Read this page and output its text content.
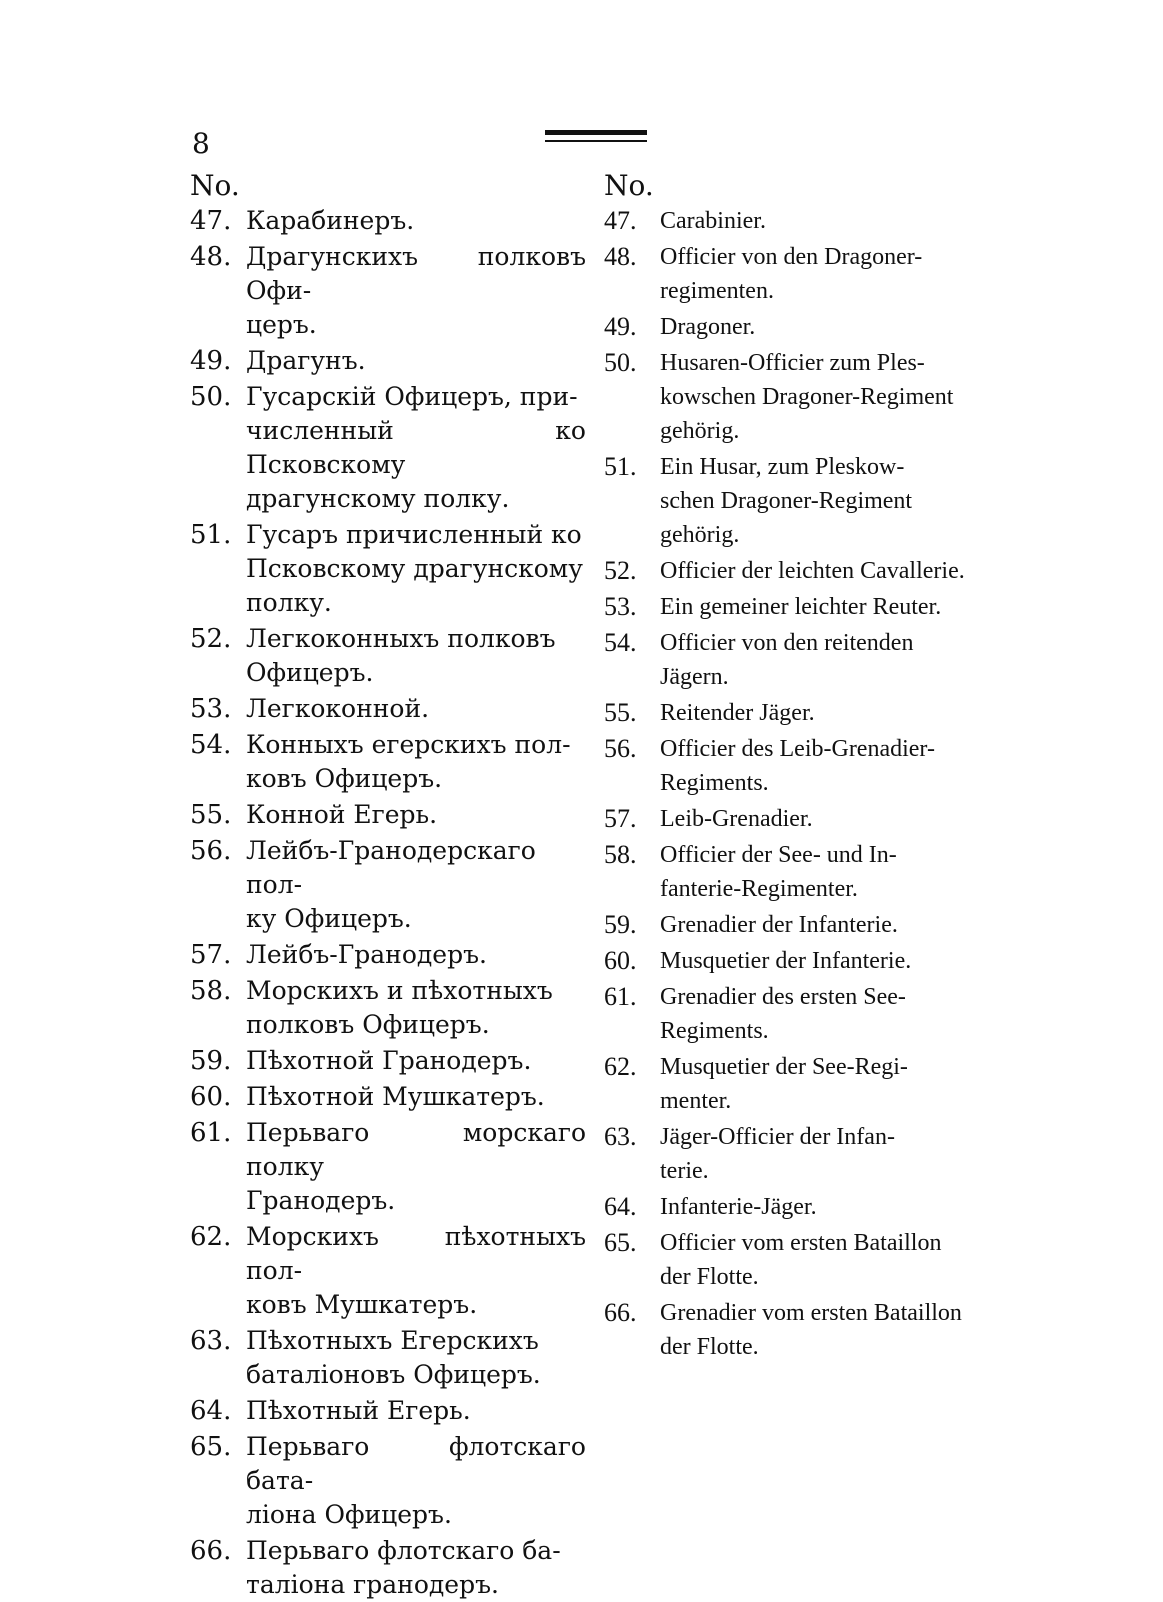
8
No.
47. Карабинеръ.
48. Драгунскихъ полковъ Офи-
церъ.
49. Драгунъ.
50. Гусарскій Офицеръ, при-
численный ко Псковскому
драгунскому полку.
51. Гусаръ причисленный ко
Псковскому драгунскому
полку.
52. Легкоконныхъ полковъ
Офицеръ.
53. Легкоконной.
54. Конныхъ егерскихъ пол-
ковъ Офицеръ.
55. Конной Егерь.
56. Лейбъ-Гранодерскаго пол-
ку Офицеръ.
57. Лейбъ-Гранодеръ.
58. Морскихъ и пѣхотныхъ
полковъ Офицеръ.
59. Пѣхотной Гранодеръ.
60. Пѣхотной Мушкатеръ.
61. Перьваго морскаго полку
Гранодеръ.
62. Морскихъ пѣхотныхъ пол-
ковъ Мушкатеръ.
63. Пѣхотныхъ Егерскихъ
баталіоновъ Офицеръ.
64. Пѣхотный Егерь.
65. Перьваго флотскаго бата-
ліона Офицеръ.
66. Перьваго флотскаго ба-
таліона гранодеръ.
No.
47. Carabinier.
48. Officier von den Dragoner-
regimenten.
49. Dragoner.
50. Husaren-Officier zum Ples-
kowschen Dragoner-Regiment
gehörig.
51. Ein Husar, zum Pleskow-
schen Dragoner-Regiment
gehörig.
52. Officier der leichten Cavallerie.
53. Ein gemeiner leichter Reuter.
54. Officier von den reitenden
Jägern.
55. Reitender Jäger.
56. Officier des Leib-Grenadier-
Regiments.
57. Leib-Grenadier.
58. Officier der See- und In-
fanterie-Regimenter.
59. Grenadier der Infanterie.
60. Musquetier der Infanterie.
61. Grenadier des ersten See-
Regiments.
62. Musquetier der See-Regi-
menter.
63. Jäger-Officier der Infan-
terie.
64. Infanterie-Jäger.
65. Officier vom ersten Bataillon
der Flotte.
66. Grenadier vom ersten Bataillon
der Flotte.
